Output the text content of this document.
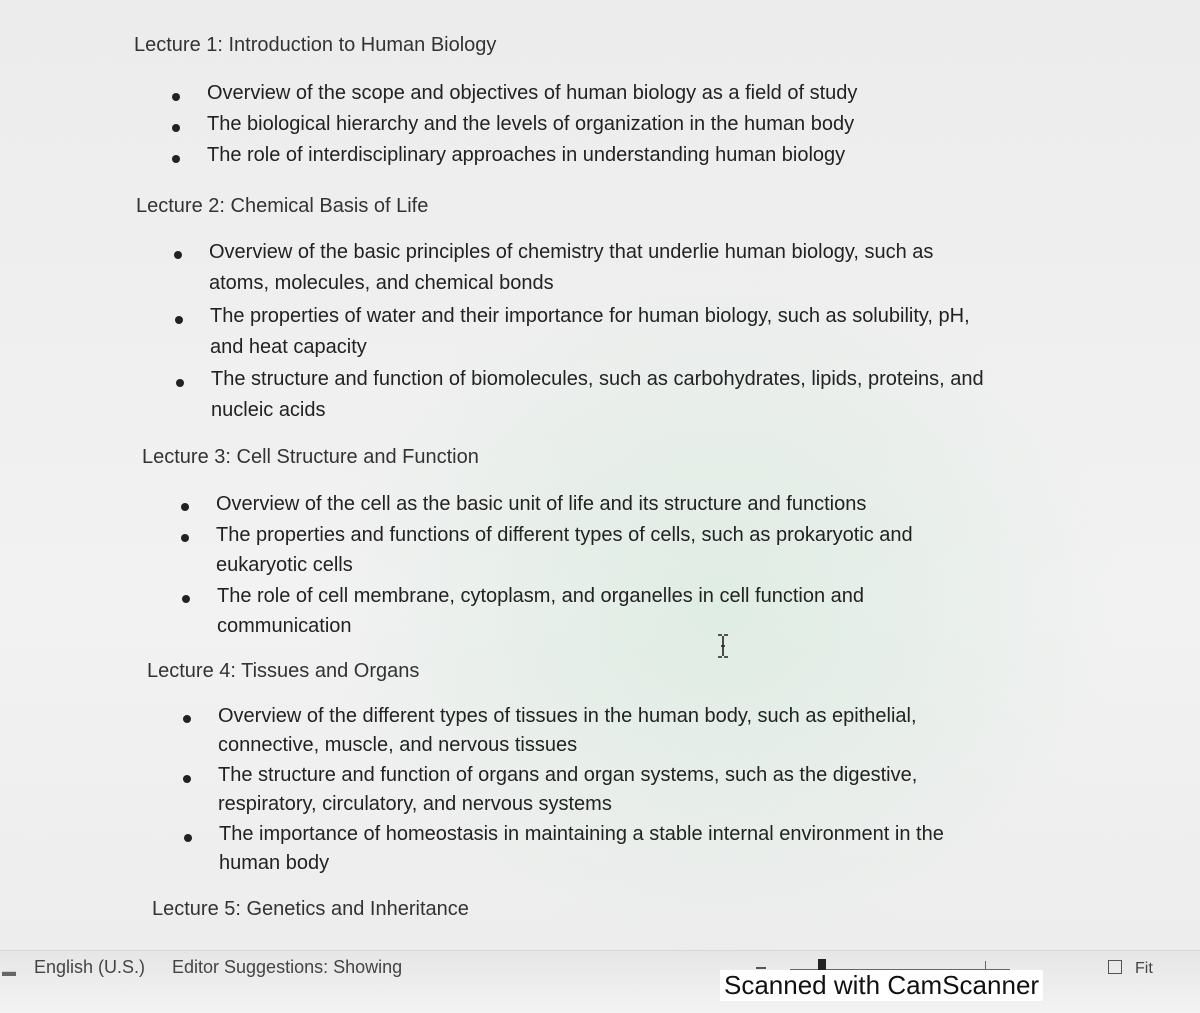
Lecture 1: Introduction to Human Biology
Overview of the scope and objectives of human biology as a field of study
The biological hierarchy and the levels of organization in the human body
The role of interdisciplinary approaches in understanding human biology
Lecture 2: Chemical Basis of Life
Overview of the basic principles of chemistry that underlie human biology, such as
atoms, molecules, and chemical bonds
The properties of water and their importance for human biology, such as solubility, pH,
and heat capacity
The structure and function of biomolecules, such as carbohydrates, lipids, proteins, and
nucleic acids
Lecture 3: Cell Structure and Function
Overview of the cell as the basic unit of life and its structure and functions
The properties and functions of different types of cells, such as prokaryotic and
eukaryotic cells
The role of cell membrane, cytoplasm, and organelles in cell function and
communication
Lecture 4: Tissues and Organs
Overview of the different types of tissues in the human body, such as epithelial,
connective, muscle, and nervous tissues
The structure and function of organs and organ systems, such as the digestive,
respiratory, circulatory, and nervous systems
The importance of homeostasis in maintaining a stable internal environment in the
human body
Lecture 5: Genetics and Inheritance
▬ English (U.S.) Editor Suggestions: Showing	Fit
Scanned with CamScanner
